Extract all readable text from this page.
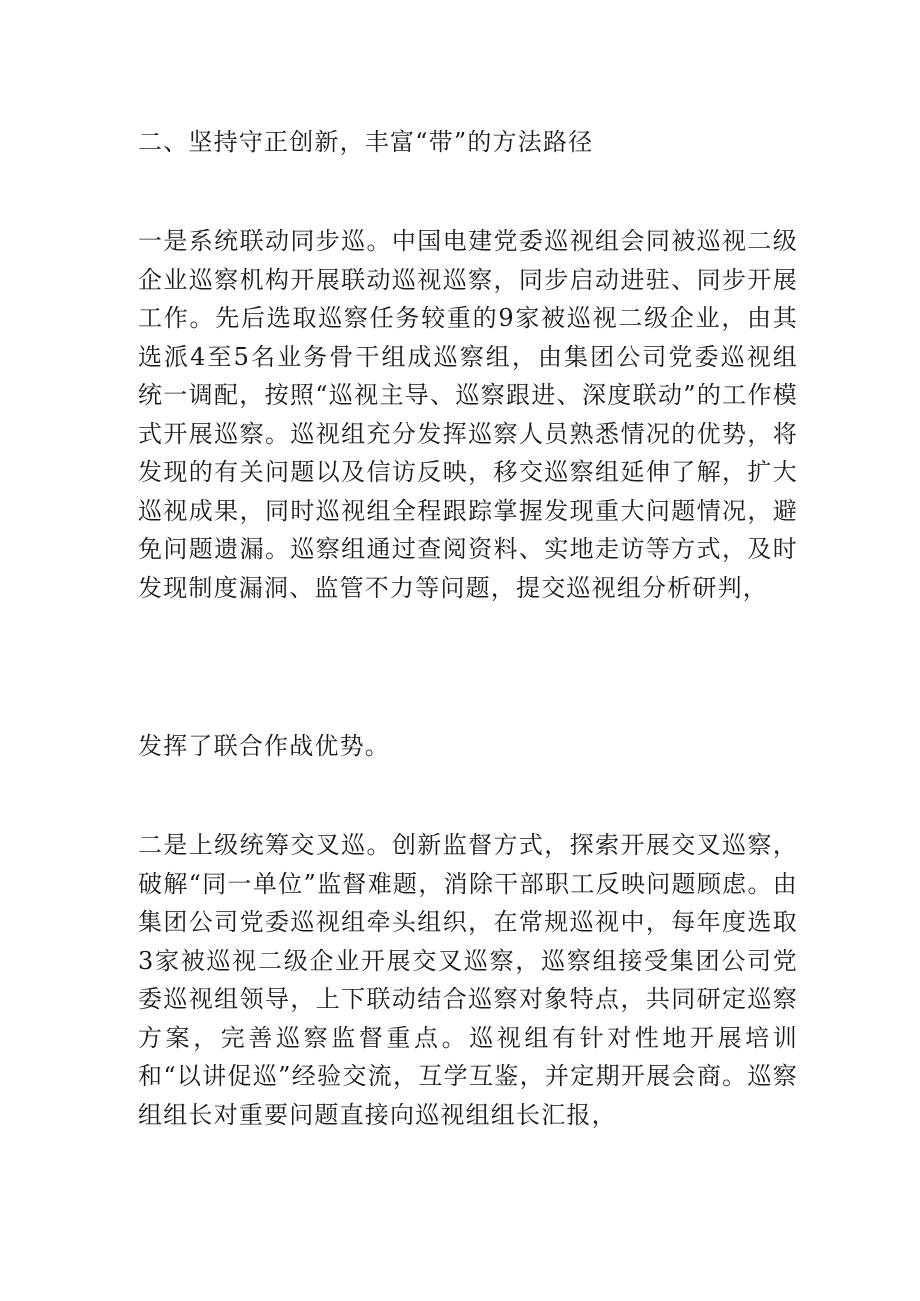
二、坚持守正创新，丰富“带”的方法路径

一是系统联动同步巡。中国电建党委巡视组会同被巡视二级企业巡察机构开展联动巡视巡察，同步启动进驻、同步开展工作。先后选取巡察任务较重的9家被巡视二级企业，由其选派4至5名业务骨干组成巡察组，由集团公司党委巡视组统一调配，按照“巡视主导、巡察跟进、深度联动”的工作模式开展巡察。巡视组充分发挥巡察人员熟悉情况的优势，将发现的有关问题以及信访反映，移交巡察组延伸了解，扩大巡视成果，同时巡视组全程跟踪掌握发现重大问题情况，避免问题遗漏。巡察组通过查阅资料、实地走访等方式，及时发现制度漏洞、监管不力等问题，提交巡视组分析研判，

发挥了联合作战优势。

二是上级统筹交叉巡。创新监督方式，探索开展交叉巡察，破解“同一单位”监督难题，消除干部职工反映问题顾虑。由集团公司党委巡视组牵头组织，在常规巡视中，每年度选取3家被巡视二级企业开展交叉巡察，巡察组接受集团公司党委巡视组领导，上下联动结合巡察对象特点，共同研定巡察方案，完善巡察监督重点。巡视组有针对性地开展培训和“以讲促巡”经验交流，互学互鉴，并定期开展会商。巡察组组长对重要问题直接向巡视组组长汇报，
